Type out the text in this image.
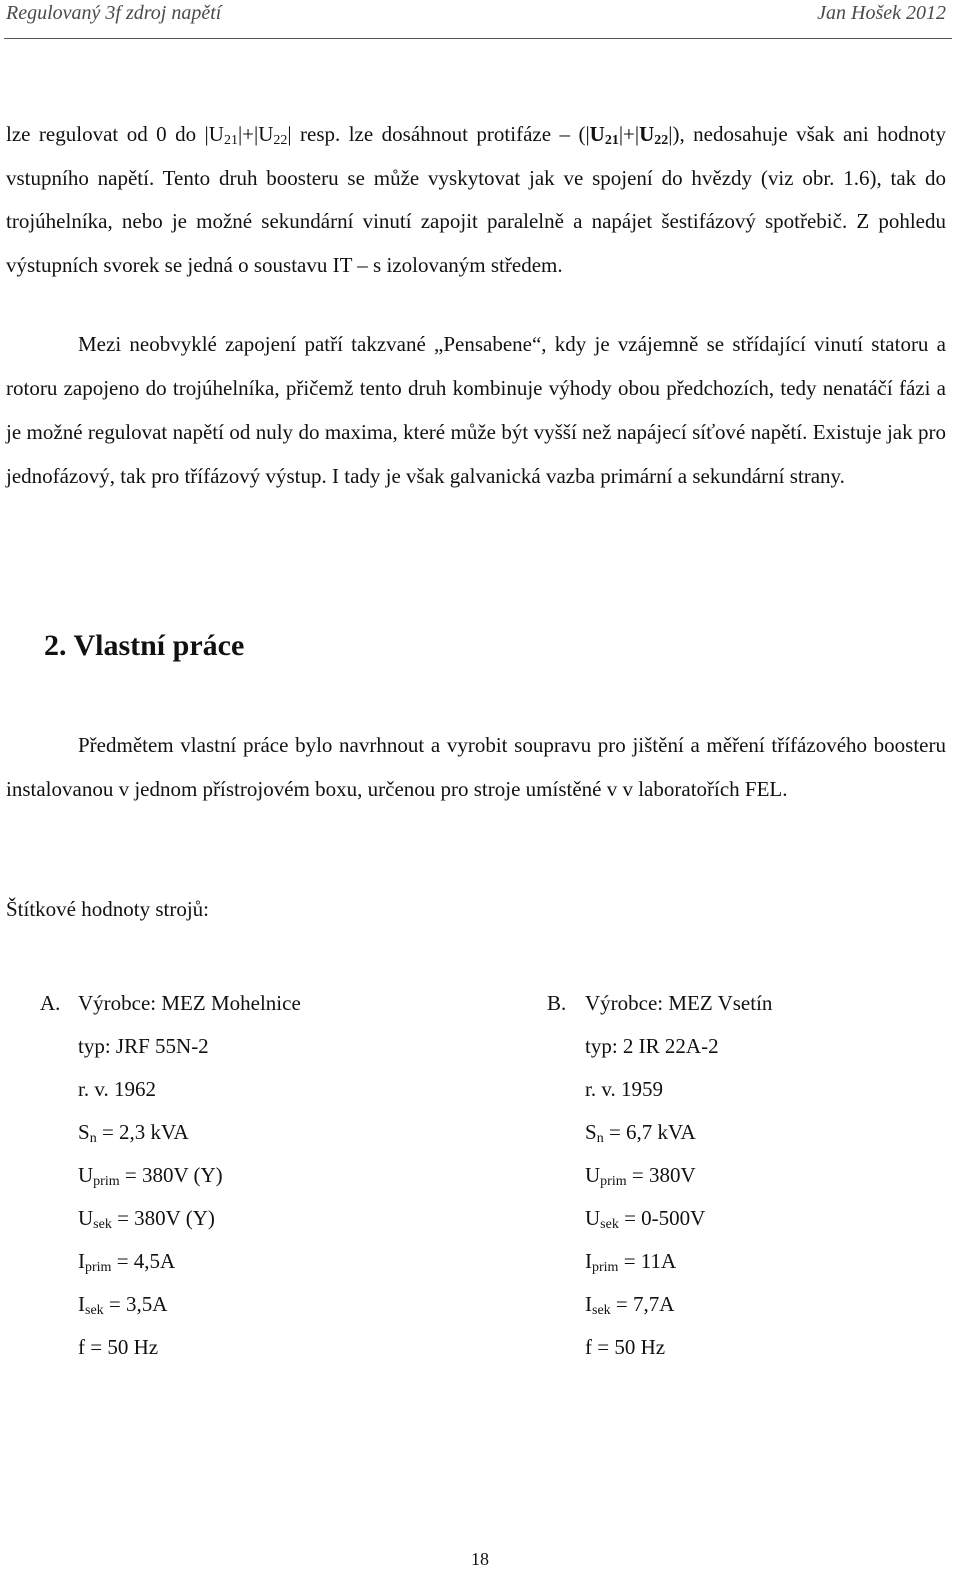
Regulovaný 3f zdroj napětí	Jan Hošek 2012
lze regulovat od 0 do $|U_{21}|+|U_{22}|$ resp. lze dosáhnout protifáze – $(|U_{21}|+|U_{22}|)$, nedosahuje však ani hodnoty vstupního napětí. Tento druh boosteru se může vyskytovat jak ve spojení do hvězdy (viz obr. 1.6), tak do trojúhelníka, nebo je možné sekundární vinutí zapojit paralelně a napájet šestifázový spotřebič. Z pohledu výstupních svorek se jedná o soustavu IT – s izolovaným středem.
Mezi neobvyklé zapojení patří takzvané „Pensabene“, kdy je vzájemně se střídající vinutí statoru a rotoru zapojeno do trojúhelníka, přičemž tento druh kombinuje výhody obou předchozích, tedy nenatáčí fázi a je možné regulovat napětí od nuly do maxima, které může být vyšší než napájecí síťové napětí. Existuje jak pro jednofázový, tak pro třífázový výstup. I tady je však galvanická vazba primární a sekundární strany.
2. Vlastní práce
Předmětem vlastní práce bylo navrhnout a vyrobit soupravu pro jištění a měření třífázového boosteru instalovanou v jednom přístrojovém boxu, určenou pro stroje umístěné v v laboratořích FEL.
Štítkové hodnoty strojů:
A. Výrobce: MEZ Mohelnice
typ: JRF 55N-2
r. v. 1962
$S_n = 2,3$ kVA
$U_{prim} = 380V$ (Y)
$U_{sek} = 380V$ (Y)
$I_{prim} = 4,5A$
$I_{sek} = 3,5A$
f = 50 Hz
B. Výrobce: MEZ Vsetín
typ: 2 IR 22A-2
r. v. 1959
$S_n = 6,7$ kVA
$U_{prim} = 380V$
$U_{sek} = 0-500V$
$I_{prim} = 11A$
$I_{sek} = 7,7A$
f = 50 Hz
18
